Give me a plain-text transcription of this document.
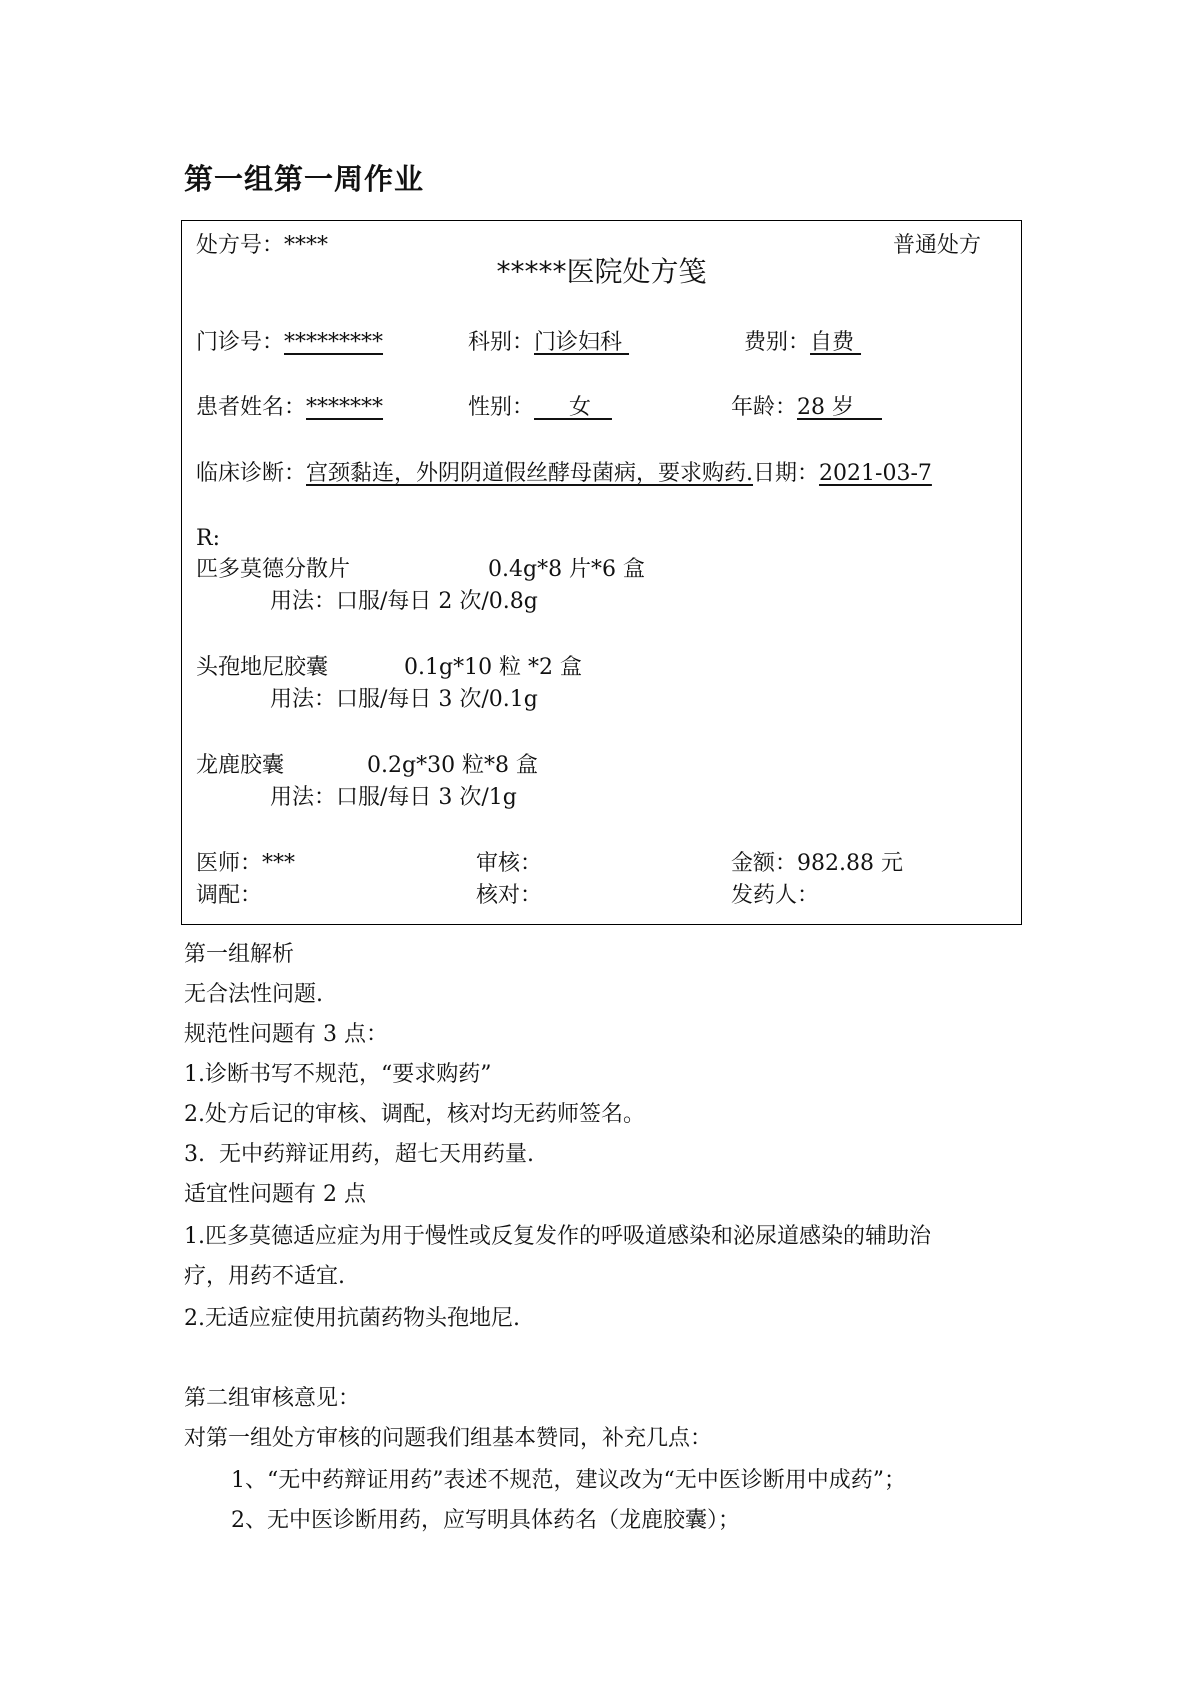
第一组第一周作业
处方号：****	普通处方
*****医院处方笺
门诊号：*********	科别：门诊妇科	费别：自费
患者姓名：*******	性别：     女	年龄：28 岁
临床诊断：宫颈黏连，外阴阴道假丝酵母菌病，要求购药.日期：2021-03-7
R:
匹多莫德分散片	0.4g*8 片*6 盒
用法：口服/每日 2 次/0.8g
头孢地尼胶囊	0.1g*10 粒 *2 盒
用法：口服/每日 3 次/0.1g
龙鹿胶囊	0.2g*30 粒*8 盒
用法：口服/每日 3 次/1g
医师：***	审核：	金额：982.88 元
调配：	核对：	发药人：
第一组解析
无合法性问题.
规范性问题有 3 点：
1.诊断书写不规范，“要求购药”
2.处方后记的审核、调配，核对均无药师签名。
3.  无中药辩证用药，超七天用药量.
适宜性问题有 2 点
1.匹多莫德适应症为用于慢性或反复发作的呼吸道感染和泌尿道感染的辅助治
疗，用药不适宜.
2.无适应症使用抗菌药物头孢地尼.
第二组审核意见：
对第一组处方审核的问题我们组基本赞同，补充几点：
1、“无中药辩证用药”表述不规范，建议改为“无中医诊断用中成药”；
2、无中医诊断用药，应写明具体药名（龙鹿胶囊）；
